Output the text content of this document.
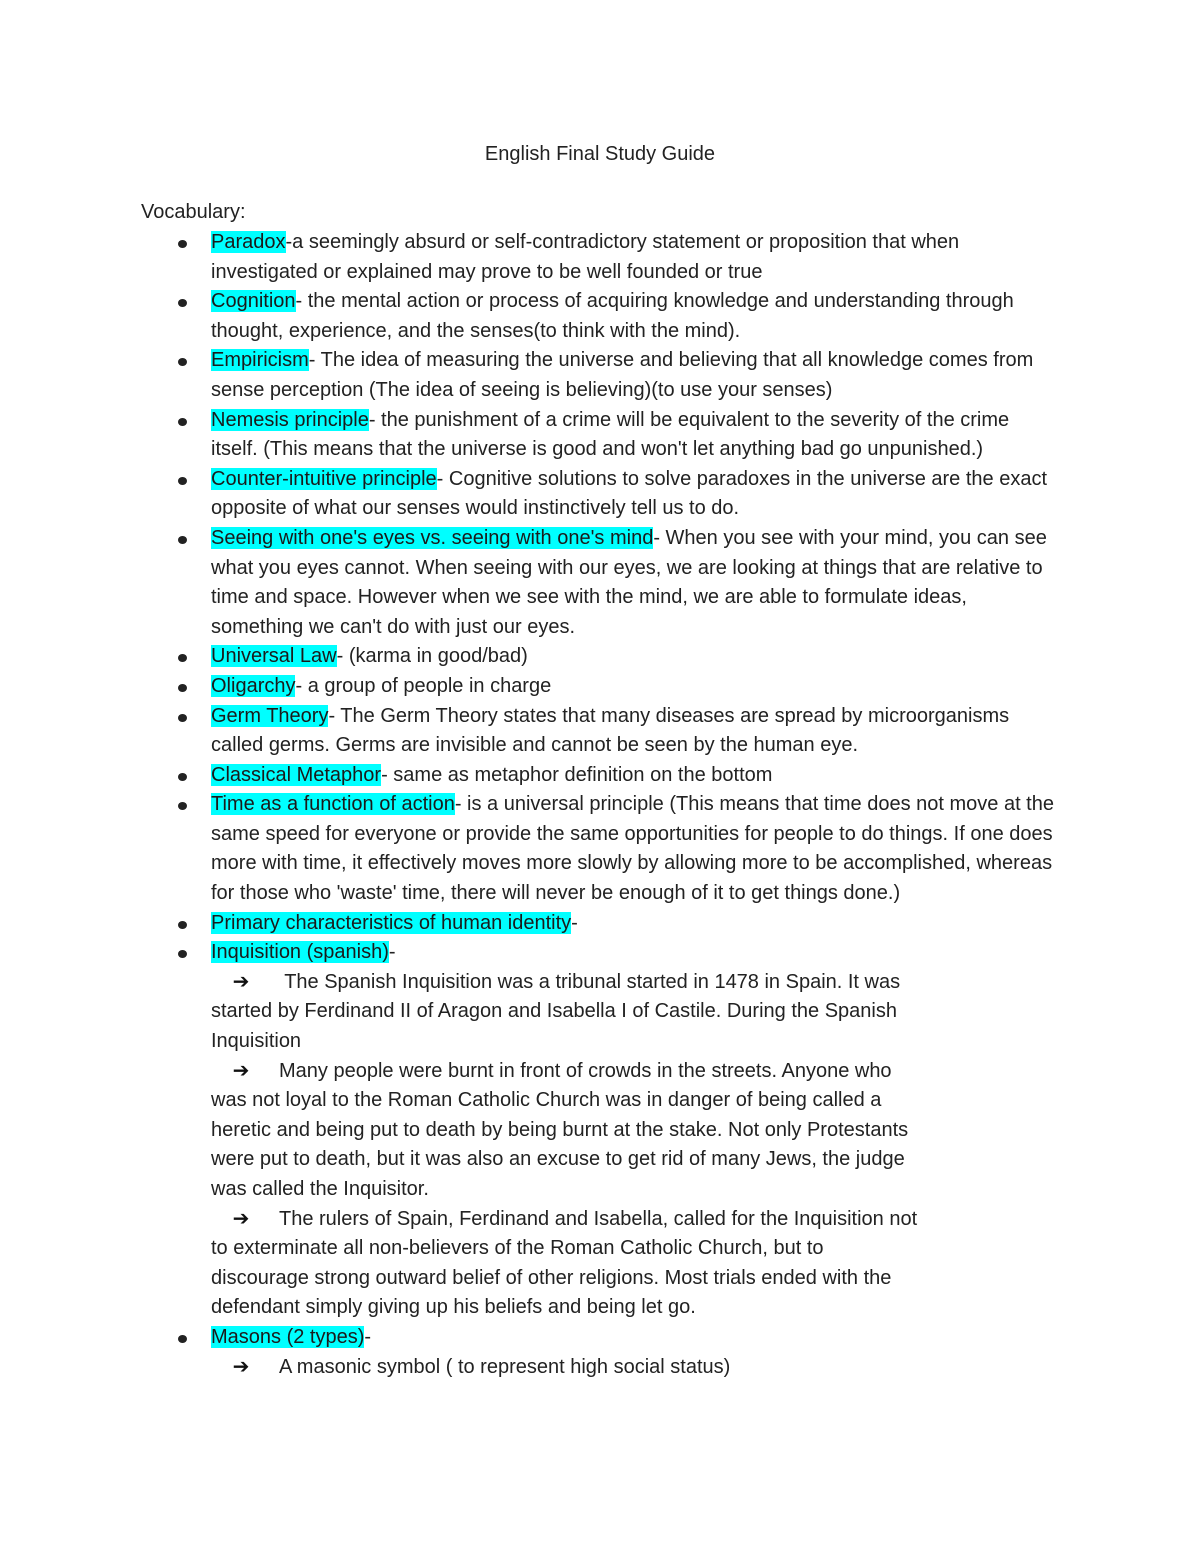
English Final Study Guide

Vocabulary:

Paradox-a seemingly absurd or self-contradictory statement or proposition that when investigated or explained may prove to be well founded or true
Cognition- the mental action or process of acquiring knowledge and understanding through thought, experience, and the senses(to think with the mind).
Empiricism- The idea of measuring the universe and believing that all knowledge comes from sense perception (The idea of seeing is believing)(to use your senses)
Nemesis principle- the punishment of a crime will be equivalent to the severity of the crime itself. (This means that the universe is good and won't let anything bad go unpunished.)
Counter-intuitive principle- Cognitive solutions to solve paradoxes in the universe are the exact opposite of what our senses would instinctively tell us to do.
Seeing with one's eyes vs. seeing with one's mind- When you see with your mind, you can see what you eyes cannot. When seeing with our eyes, we are looking at things that are relative to time and space. However when we see with the mind, we are able to formulate ideas, something we can't do with just our eyes.
Universal Law- (karma in good/bad)
Oligarchy- a group of people in charge
Germ Theory- The Germ Theory states that many diseases are spread by microorganisms called germs. Germs are invisible and cannot be seen by the human eye.
Classical Metaphor- same as metaphor definition on the bottom
Time as a function of action- is a universal principle (This means that time does not move at the same speed for everyone or provide the same opportunities for people to do things. If one does more with time, it effectively moves more slowly by allowing more to be accomplished, whereas for those who 'waste' time, there will never be enough of it to get things done.)
Primary characteristics of human identity-
Inquisition (spanish)-
➔ The Spanish Inquisition was a tribunal started in 1478 in Spain. It was started by Ferdinand II of Aragon and Isabella I of Castile. During the Spanish Inquisition
➔ Many people were burnt in front of crowds in the streets. Anyone who was not loyal to the Roman Catholic Church was in danger of being called a heretic and being put to death by being burnt at the stake. Not only Protestants were put to death, but it was also an excuse to get rid of many Jews, the judge was called the Inquisitor.
➔ The rulers of Spain, Ferdinand and Isabella, called for the Inquisition not to exterminate all non-believers of the Roman Catholic Church, but to discourage strong outward belief of other religions. Most trials ended with the defendant simply giving up his beliefs and being let go.
Masons (2 types)-
➔ A masonic symbol ( to represent high social status)
